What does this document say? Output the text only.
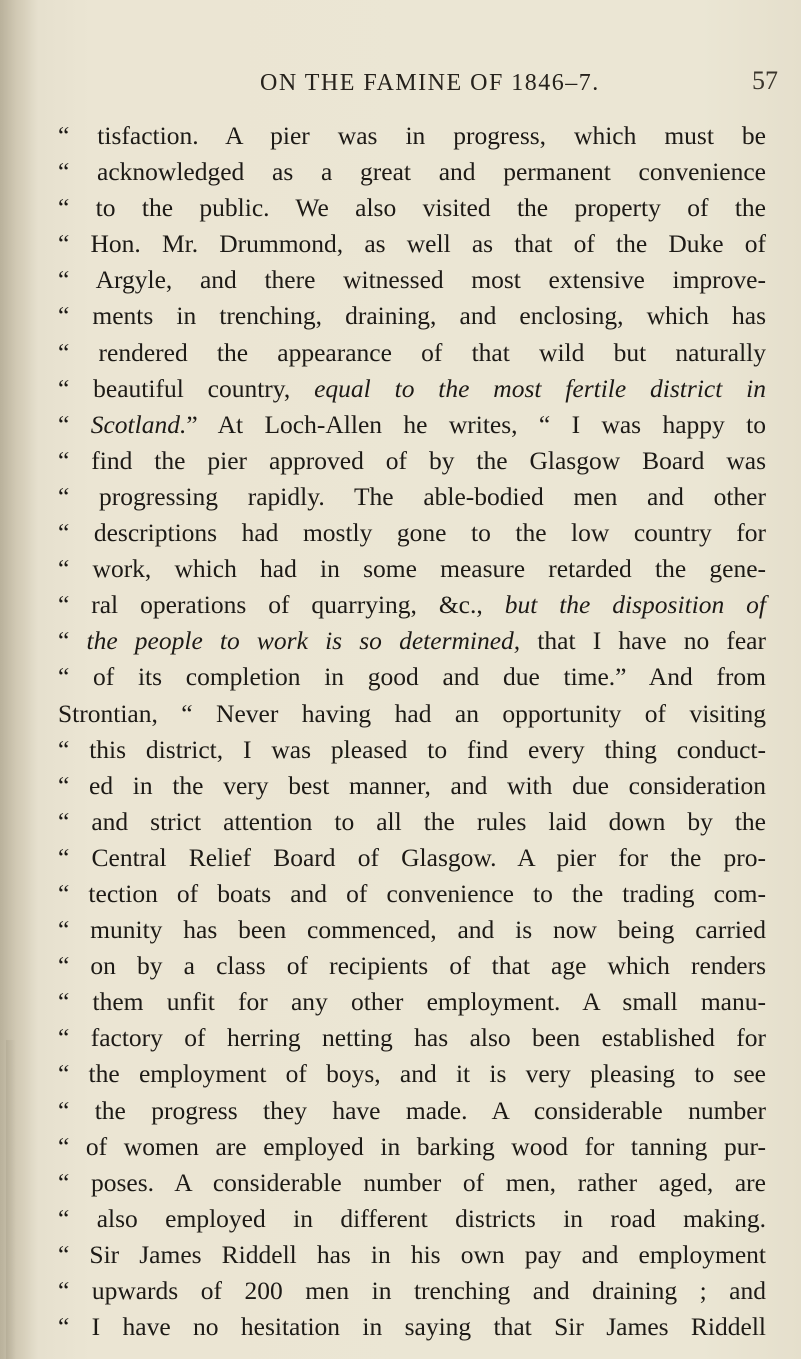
ON THE FAMINE OF 1846–7.	57
“ tisfaction. A pier was in progress, which must be
“ acknowledged as a great and permanent convenience
“ to the public. We also visited the property of the
“ Hon. Mr. Drummond, as well as that of the Duke of
“ Argyle, and there witnessed most extensive improve-
“ ments in trenching, draining, and enclosing, which has
“ rendered the appearance of that wild but naturally
“ beautiful country, equal to the most fertile district in
“ Scotland.” At Loch-Allen he writes, “ I was happy to
“ find the pier approved of by the Glasgow Board was
“ progressing rapidly. The able-bodied men and other
“ descriptions had mostly gone to the low country for
“ work, which had in some measure retarded the gene-
“ ral operations of quarrying, &c., but the disposition of
“ the people to work is so determined, that I have no fear
“ of its completion in good and due time.” And from
Strontian, “ Never having had an opportunity of visiting
“ this district, I was pleased to find every thing conduct-
“ ed in the very best manner, and with due consideration
“ and strict attention to all the rules laid down by the
“ Central Relief Board of Glasgow. A pier for the pro-
“ tection of boats and of convenience to the trading com-
“ munity has been commenced, and is now being carried
“ on by a class of recipients of that age which renders
“ them unfit for any other employment. A small manu-
“ factory of herring netting has also been established for
“ the employment of boys, and it is very pleasing to see
“ the progress they have made. A considerable number
“ of women are employed in barking wood for tanning pur-
“ poses. A considerable number of men, rather aged, are
“ also employed in different districts in road making.
“ Sir James Riddell has in his own pay and employment
“ upwards of 200 men in trenching and draining ; and
“ I have no hesitation in saying that Sir James Riddell
